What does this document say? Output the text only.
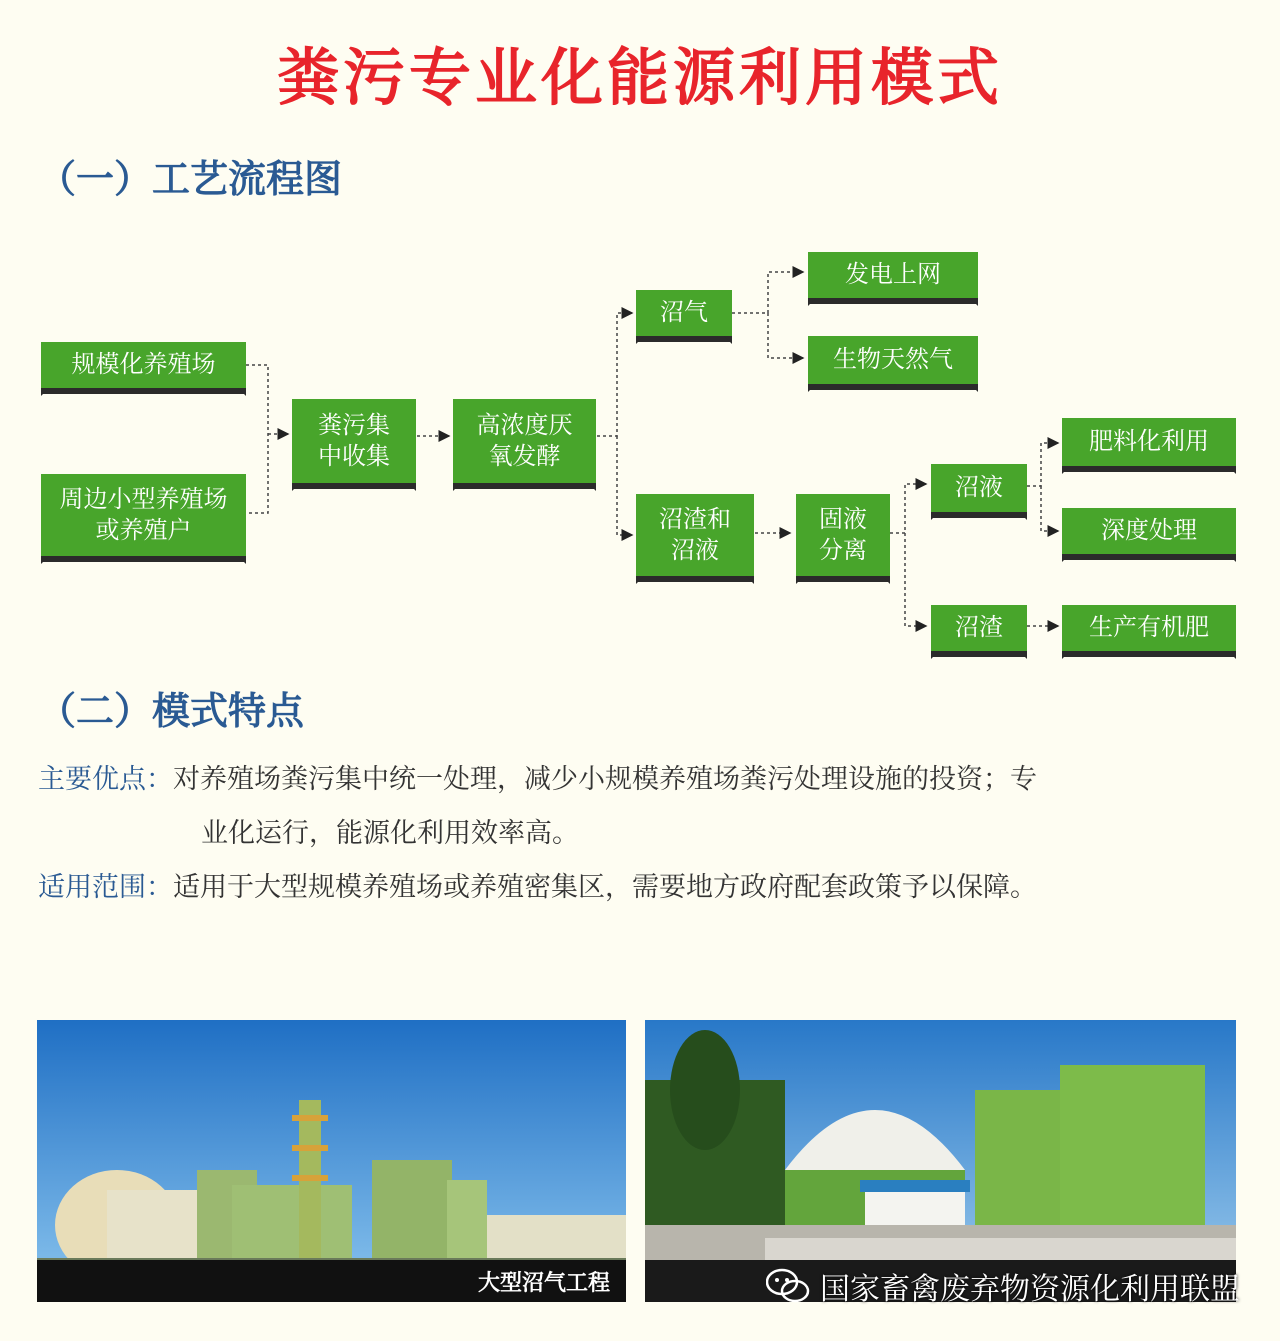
粪污专业化能源利用模式
（一）工艺流程图
规模化养殖场
周边小型养殖场
或养殖户
粪污集
中收集
高浓度厌
氧发酵
沼气
发电上网
生物天然气
沼渣和
沼液
固液
分离
沼液
肥料化利用
深度处理
沼渣	生产有机肥
（二）模式特点
主要优点：对养殖场粪污集中统一处理，减少小规模养殖场粪污处理设施的投资；专
业化运行，能源化利用效率高。
适用范围：适用于大型规模养殖场或养殖密集区，需要地方政府配套政策予以保障。
大型沼气工程	国家畜禽废弃物资源化利用联盟
